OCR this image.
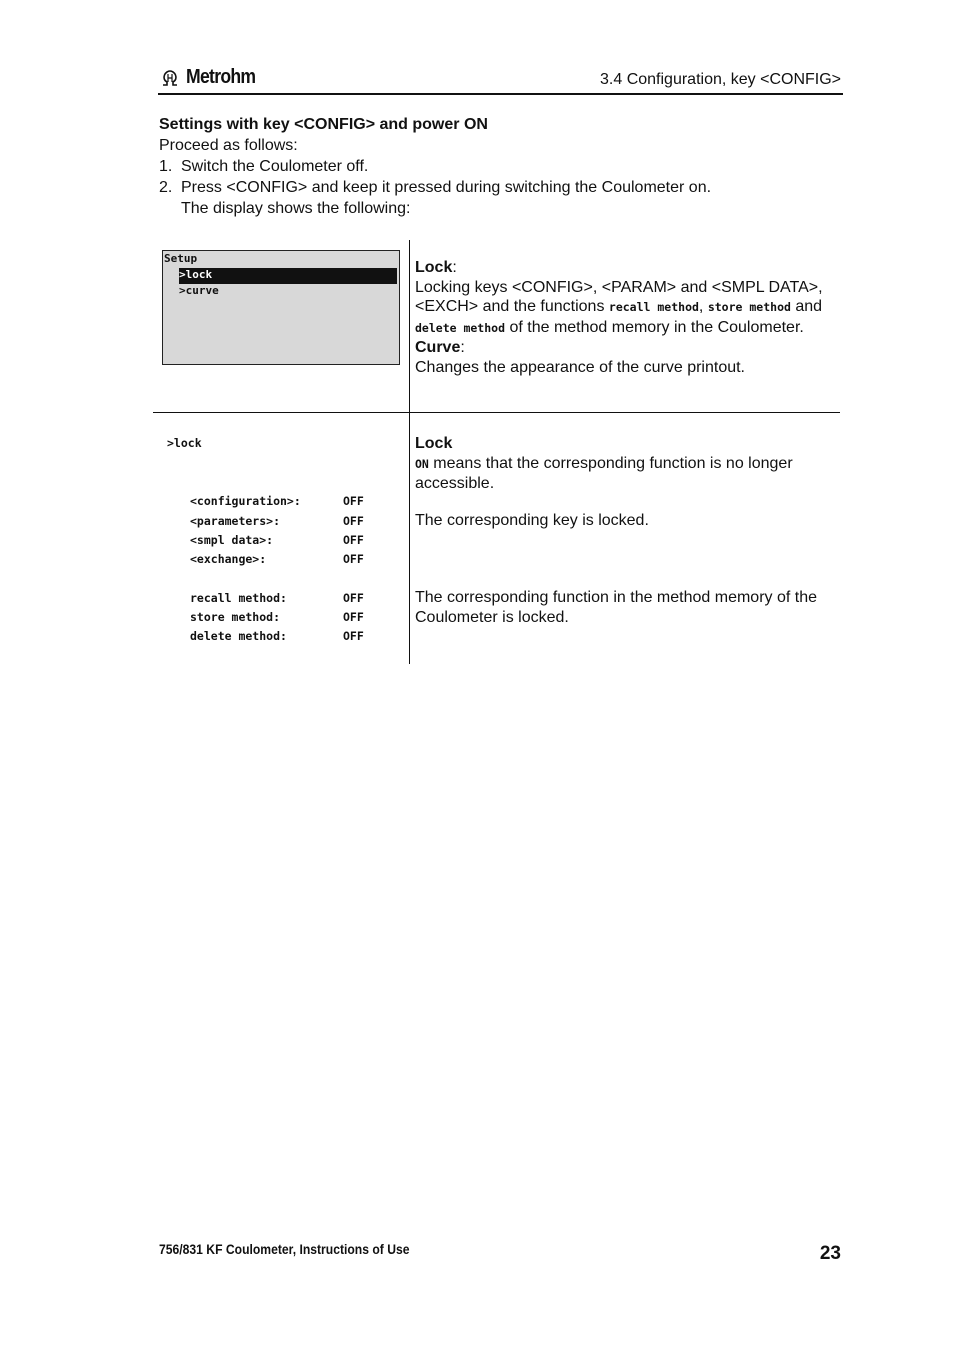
Metrohm	3.4 Configuration, key <CONFIG>
Settings with key <CONFIG> and power ON

Proceed as follows:

1. Switch the Coulometer off.
2. Press <CONFIG> and keep it pressed during switching the Coulometer on.
The display shows the following:
Setup
>lock
>curve
Lock:
Locking keys <CONFIG>, <PARAM> and <SMPL DATA>, <EXCH> and the functions recall method, store method and delete method of the method memory in the Coulometer.
Curve:
Changes the appearance of the curve printout.
>lock
<configuration>:	OFF
<parameters>:	OFF
<smpl data>:	OFF
<exchange>:	OFF
recall method:	OFF
store method:	OFF
delete method:	OFF
Lock
ON means that the corresponding function is no longer accessible.
The corresponding key is locked.
The corresponding function in the method memory of the Coulometer is locked.
756/831 KF Coulometer, Instructions of Use	23
